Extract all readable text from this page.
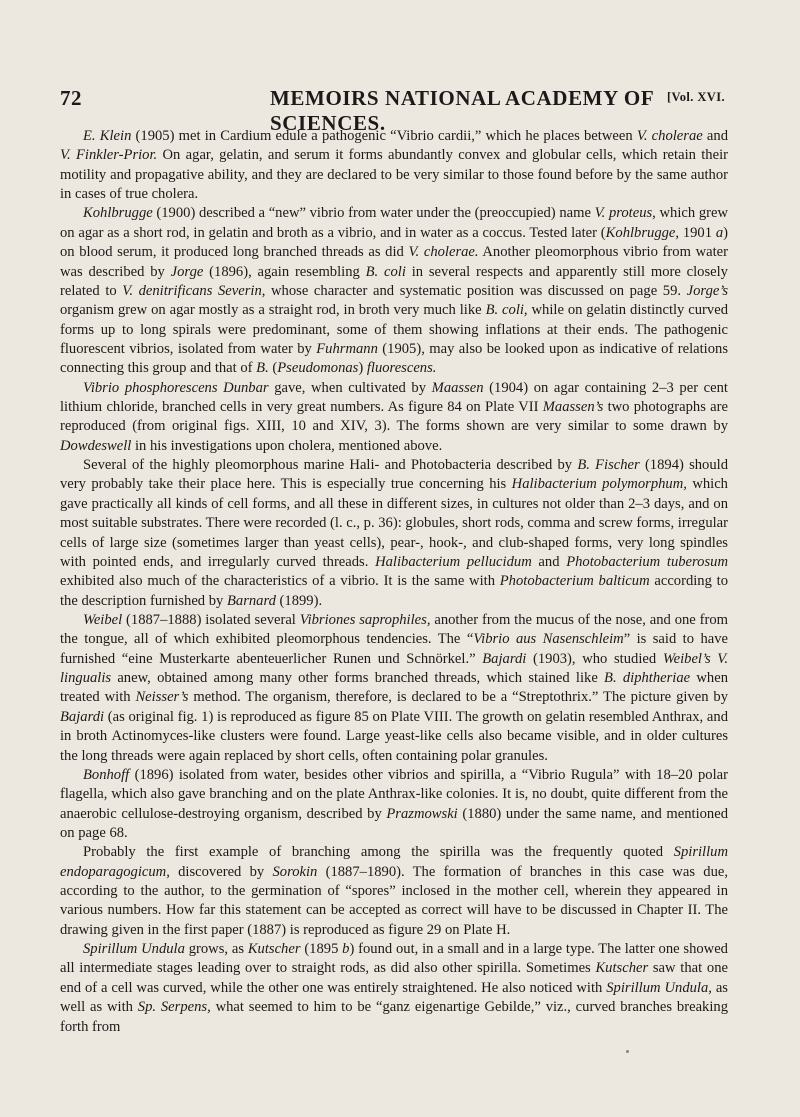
72	MEMOIRS NATIONAL ACADEMY OF SCIENCES.
[Vol. XVI.

E. Klein (1905) met in Cardium edule a pathogenic “Vibrio cardii,” which he places between V. cholerae and V. Finkler-Prior. On agar, gelatin, and serum it forms abundantly convex and globular cells, which retain their motility and propagative ability, and they are declared to be very similar to those found before by the same author in cases of true cholera.

Kohlbrugge (1900) described a “new” vibrio from water under the (preoccupied) name V. proteus, which grew on agar as a short rod, in gelatin and broth as a vibrio, and in water as a coccus. Tested later (Kohlbrugge, 1901 a) on blood serum, it produced long branched threads as did V. cholerae. Another pleomorphous vibrio from water was described by Jorge (1896), again resembling B. coli in several respects and apparently still more closely related to V. denitrificans Severin, whose character and systematic position was discussed on page 59. Jorge’s organism grew on agar mostly as a straight rod, in broth very much like B. coli, while on gelatin distinctly curved forms up to long spirals were predominant, some of them showing inflations at their ends. The pathogenic fluorescent vibrios, isolated from water by Fuhrmann (1905), may also be looked upon as indicative of relations connecting this group and that of B. (Pseudomonas) fluorescens.

Vibrio phosphorescens Dunbar gave, when cultivated by Maassen (1904) on agar containing 2–3 per cent lithium chloride, branched cells in very great numbers. As figure 84 on Plate VII Maassen’s two photographs are reproduced (from original figs. XIII, 10 and XIV, 3). The forms shown are very similar to some drawn by Dowdeswell in his investigations upon cholera, mentioned above.

Several of the highly pleomorphous marine Hali- and Photobacteria described by B. Fischer (1894) should very probably take their place here. This is especially true concerning his Halibacterium polymorphum, which gave practically all kinds of cell forms, and all these in different sizes, in cultures not older than 2–3 days, and on most suitable substrates. There were recorded (l. c., p. 36): globules, short rods, comma and screw forms, irregular cells of large size (sometimes larger than yeast cells), pear-, hook-, and club-shaped forms, very long spindles with pointed ends, and irregularly curved threads. Halibacterium pellucidum and Photobacterium tuberosum exhibited also much of the characteristics of a vibrio. It is the same with Photobacterium balticum according to the description furnished by Barnard (1899).

Weibel (1887–1888) isolated several Vibriones saprophiles, another from the mucus of the nose, and one from the tongue, all of which exhibited pleomorphous tendencies. The “Vibrio aus Nasenschleim” is said to have furnished “eine Musterkarte abenteuerlicher Runen und Schnörkel.” Bajardi (1903), who studied Weibel’s V. lingualis anew, obtained among many other forms branched threads, which stained like B. diphtheriae when treated with Neisser’s method. The organism, therefore, is declared to be a “Streptothrix.” The picture given by Bajardi (as original fig. 1) is reproduced as figure 85 on Plate VIII. The growth on gelatin resembled Anthrax, and in broth Actinomyces-like clusters were found. Large yeast-like cells also became visible, and in older cultures the long threads were again replaced by short cells, often containing polar granules.

Bonhoff (1896) isolated from water, besides other vibrios and spirilla, a “Vibrio Rugula” with 18–20 polar flagella, which also gave branching and on the plate Anthrax-like colonies. It is, no doubt, quite different from the anaerobic cellulose-destroying organism, described by Prazmowski (1880) under the same name, and mentioned on page 68.

Probably the first example of branching among the spirilla was the frequently quoted Spirillum endoparagogicum, discovered by Sorokin (1887–1890). The formation of branches in this case was due, according to the author, to the germination of “spores” inclosed in the mother cell, wherein they appeared in various numbers. How far this statement can be accepted as correct will have to be discussed in Chapter II. The drawing given in the first paper (1887) is reproduced as figure 29 on Plate H.

Spirillum Undula grows, as Kutscher (1895 b) found out, in a small and in a large type. The latter one showed all intermediate stages leading over to straight rods, as did also other spirilla. Sometimes Kutscher saw that one end of a cell was curved, while the other one was entirely straightened. He also noticed with Spirillum Undula, as well as with Sp. Serpens, what seemed to him to be “ganz eigenartige Gebilde,” viz., curved branches breaking forth from
